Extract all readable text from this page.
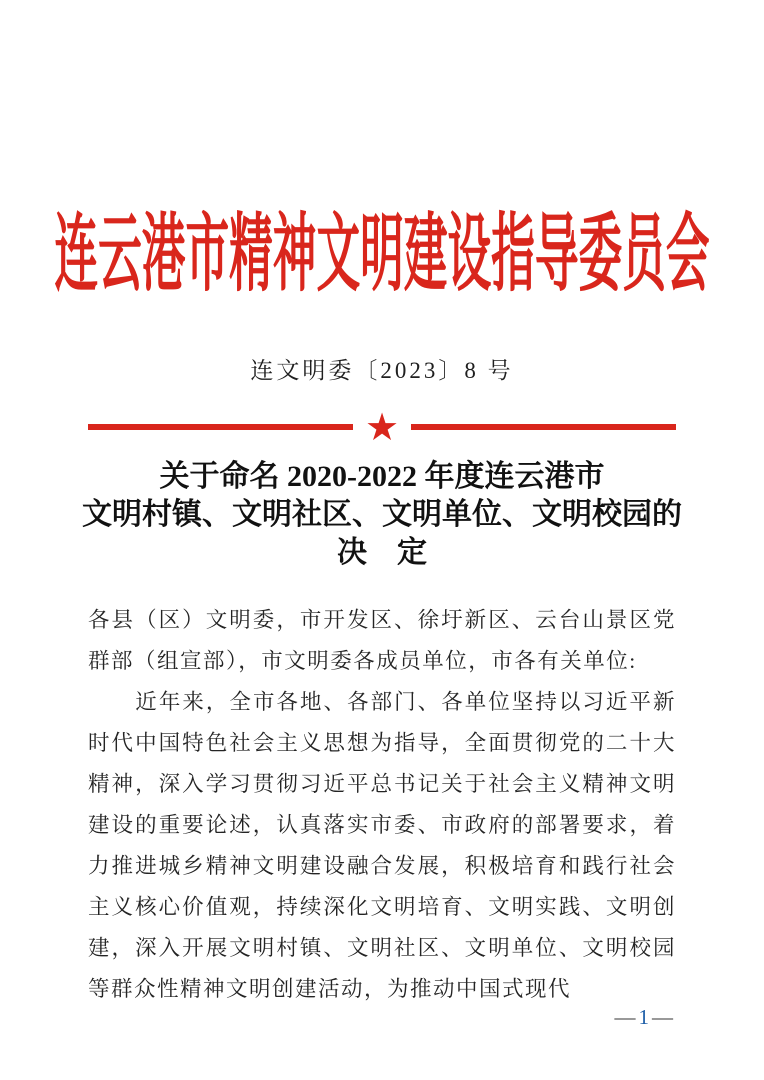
连云港市精神文明建设指导委员会
连文明委〔2023〕8 号
★
关于命名 2020-2022 年度连云港市
文明村镇、文明社区、文明单位、文明校园的
决　定

各县（区）文明委，市开发区、徐圩新区、云台山景区党群部（组宣部），市文明委各成员单位，市各有关单位:

近年来，全市各地、各部门、各单位坚持以习近平新时代中国特色社会主义思想为指导，全面贯彻党的二十大精神，深入学习贯彻习近平总书记关于社会主义精神文明建设的重要论述，认真落实市委、市政府的部署要求，着力推进城乡精神文明建设融合发展，积极培育和践行社会主义核心价值观，持续深化文明培育、文明实践、文明创建，深入开展文明村镇、文明社区、文明单位、文明校园等群众性精神文明创建活动，为推动中国式现代

—1—
